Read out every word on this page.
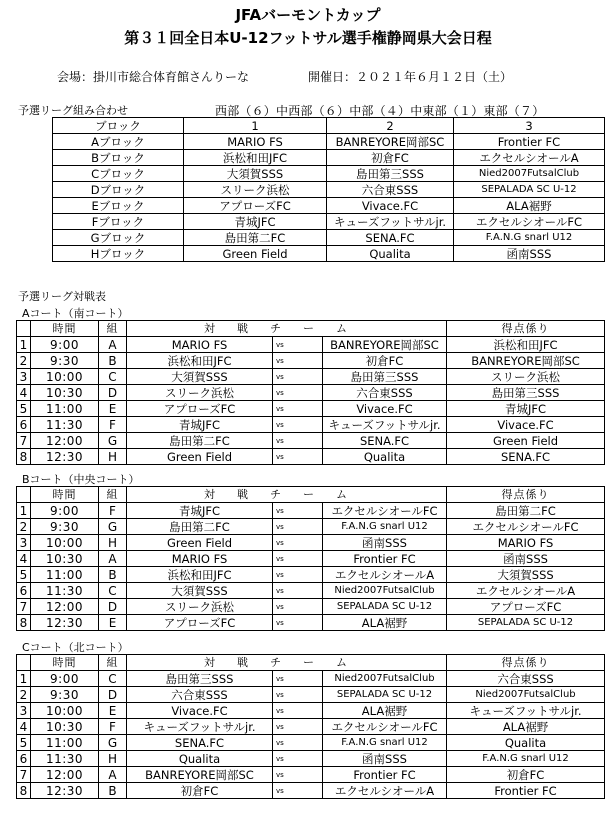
JFAバーモントカップ
第３１回全日本U-12フットサル選手権静岡県大会日程
会場：掛川市総合体育館さんりーな	開催日：２０２１年６月１２日（土）
予選リーグ組み合わせ	西部（６）中西部（６）中部（４）中東部（１）東部（７）
ブロック	1	2	3
Aブロック	MARIO FS	BANREYORE岡部SC	Frontier FC
Bブロック	浜松和田JFC	初倉FC	エクセルシオールA
Cブロック	大須賀SSS	島田第三SSS	Nied2007FutsalClub
Dブロック	スリーク浜松	六合東SSS	SEPALADA SC U-12
Eブロック	アプローズFC	Vivace.FC	ALA裾野
Fブロック	青城JFC	キューズフットサルjr.	エクセルシオールFC
Gブロック	島田第二FC	SENA.FC	F.A.N.G snarl U12
Hブロック	Green Field	Qualita	函南SSS
予選リーグ対戦表
Aコート（南コート）
	時間	組	対戦チーム			得点係り
1	9:00	A	MARIO FS	vs	BANREYORE岡部SC	浜松和田JFC
2	9:30	B	浜松和田JFC	vs	初倉FC	BANREYORE岡部SC
3	10:00	C	大須賀SSS	vs	島田第三SSS	スリーク浜松
4	10:30	D	スリーク浜松	vs	六合東SSS	島田第三SSS
5	11:00	E	アプローズFC	vs	Vivace.FC	青城JFC
6	11:30	F	青城JFC	vs	キューズフットサルjr.	Vivace.FC
7	12:00	G	島田第二FC	vs	SENA.FC	Green Field
8	12:30	H	Green Field	vs	Qualita	SENA.FC
Bコート（中央コート）
	時間	組	対戦チーム			得点係り
1	9:00	F	青城JFC	vs	エクセルシオールFC	島田第二FC
2	9:30	G	島田第二FC	vs	F.A.N.G snarl U12	エクセルシオールFC
3	10:00	H	Green Field	vs	函南SSS	MARIO FS
4	10:30	A	MARIO FS	vs	Frontier FC	函南SSS
5	11:00	B	浜松和田JFC	vs	エクセルシオールA	大須賀SSS
6	11:30	C	大須賀SSS	vs	Nied2007FutsalClub	エクセルシオールA
7	12:00	D	スリーク浜松	vs	SEPALADA SC U-12	アプローズFC
8	12:30	E	アプローズFC	vs	ALA裾野	SEPALADA SC U-12
Cコート（北コート）
	時間	組	対戦チーム			得点係り
1	9:00	C	島田第三SSS	vs	Nied2007FutsalClub	六合東SSS
2	9:30	D	六合東SSS	vs	SEPALADA SC U-12	Nied2007FutsalClub
3	10:00	E	Vivace.FC	vs	ALA裾野	キューズフットサルjr.
4	10:30	F	キューズフットサルjr.	vs	エクセルシオールFC	ALA裾野
5	11:00	G	SENA.FC	vs	F.A.N.G snarl U12	Qualita
6	11:30	H	Qualita	vs	函南SSS	F.A.N.G snarl U12
7	12:00	A	BANREYORE岡部SC	vs	Frontier FC	初倉FC
8	12:30	B	初倉FC	vs	エクセルシオールA	Frontier FC
